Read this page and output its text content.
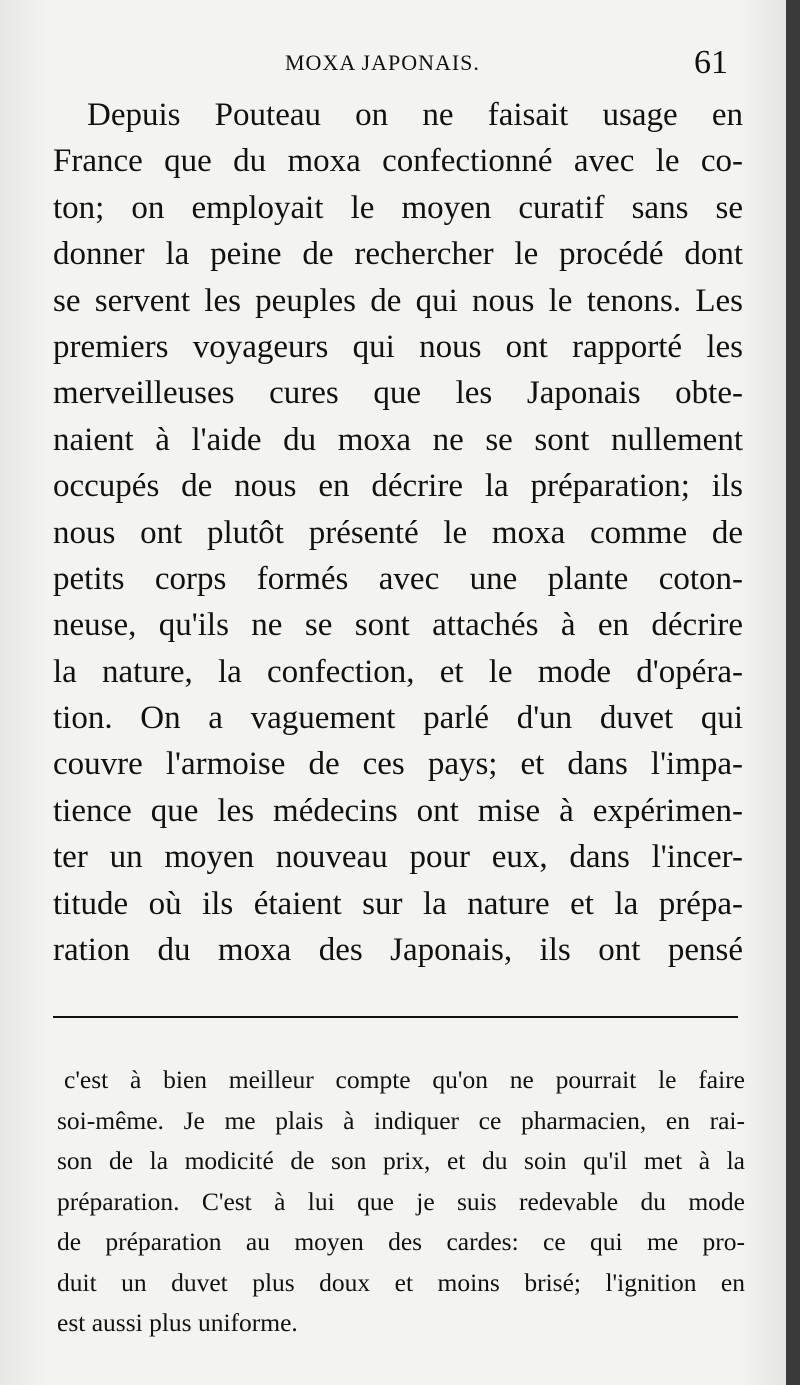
MOXA JAPONAIS.	61
Depuis Pouteau on ne faisait usage en
France que du moxa confectionné avec le co-
ton; on employait le moyen curatif sans se
donner la peine de rechercher le procédé dont
se servent les peuples de qui nous le tenons. Les
premiers voyageurs qui nous ont rapporté les
merveilleuses cures que les Japonais obte-
naient à l'aide du moxa ne se sont nullement
occupés de nous en décrire la préparation; ils
nous ont plutôt présenté le moxa comme de
petits corps formés avec une plante coton-
neuse, qu'ils ne se sont attachés à en décrire
la nature, la confection, et le mode d'opéra-
tion. On a vaguement parlé d'un duvet qui
couvre l'armoise de ces pays; et dans l'impa-
tience que les médecins ont mise à expérimen-
ter un moyen nouveau pour eux, dans l'incer-
titude où ils étaient sur la nature et la prépa-
ration du moxa des Japonais, ils ont pensé
c'est à bien meilleur compte qu'on ne pourrait le faire
soi-même. Je me plais à indiquer ce pharmacien, en rai-
son de la modicité de son prix, et du soin qu'il met à la
préparation. C'est à lui que je suis redevable du mode
de préparation au moyen des cardes: ce qui me pro-
duit un duvet plus doux et moins brisé; l'ignition en
est aussi plus uniforme.
